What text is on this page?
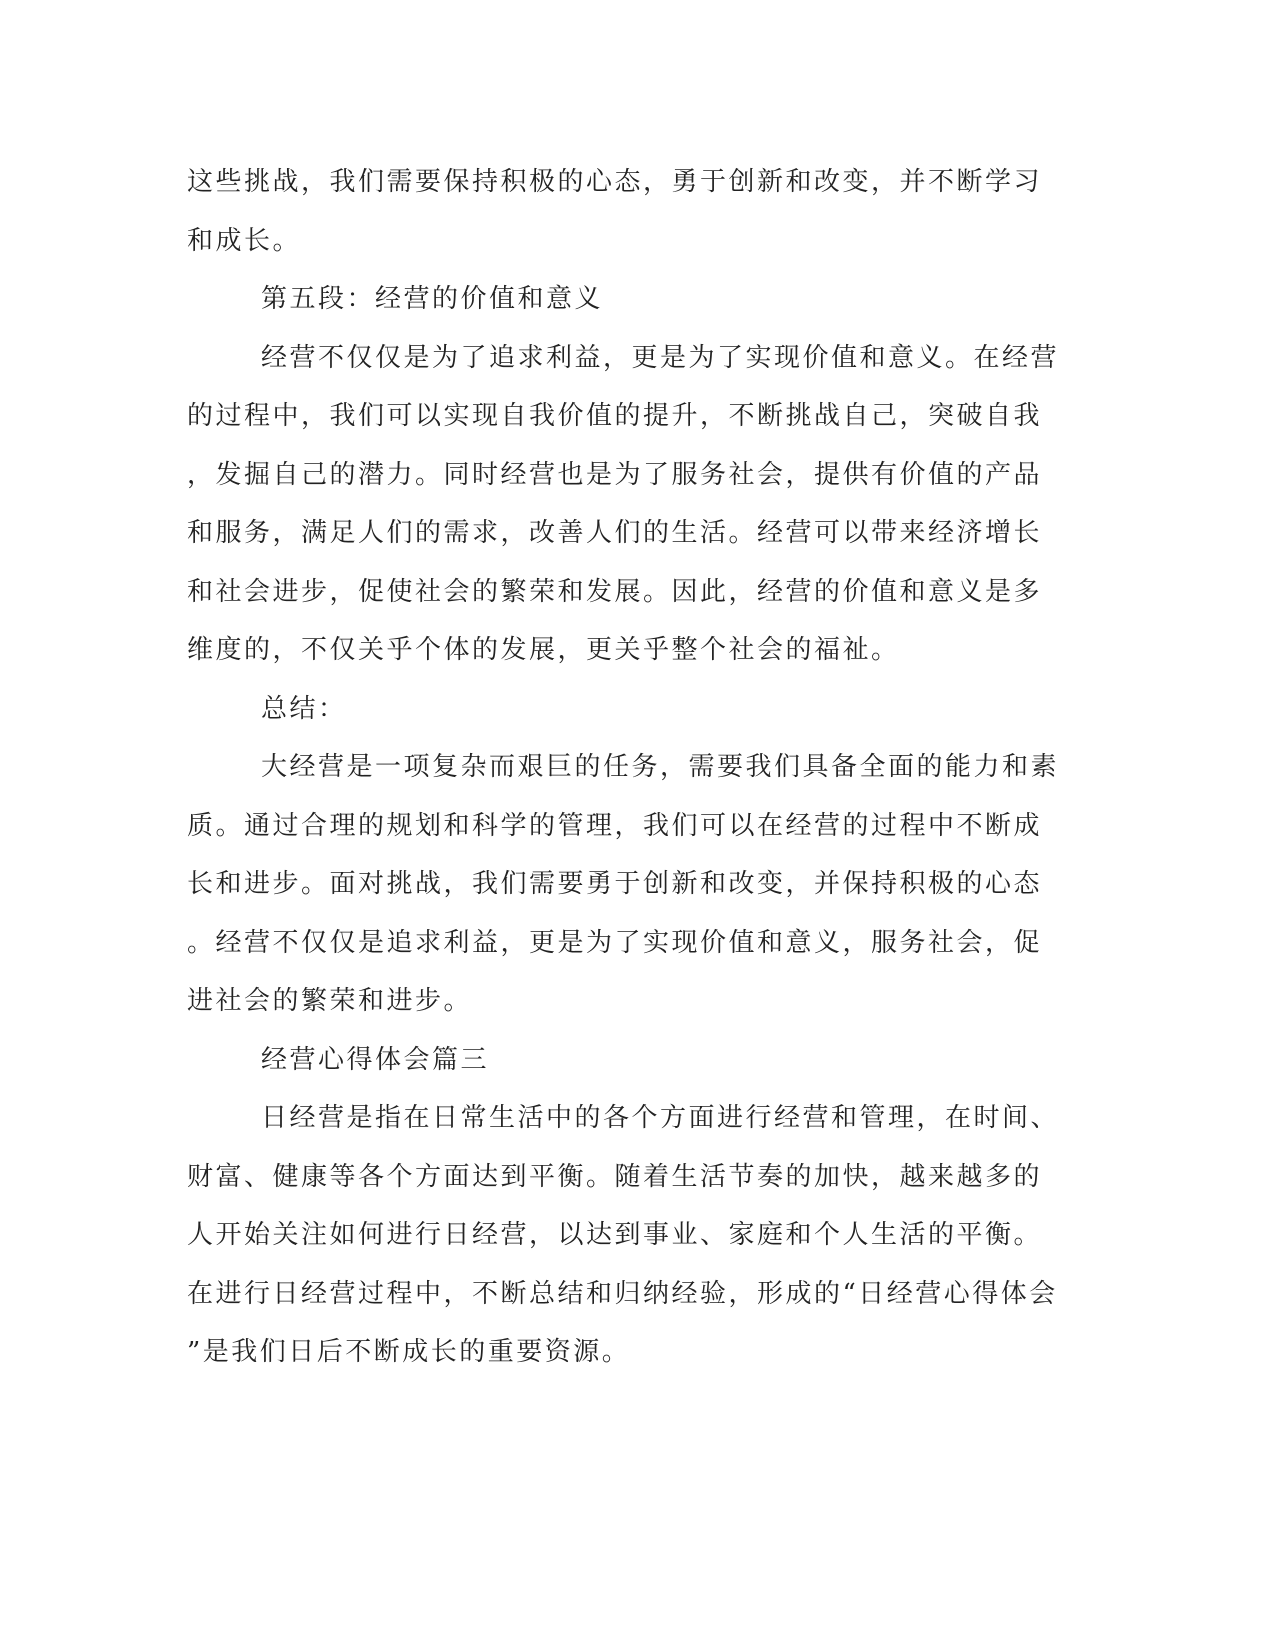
这些挑战，我们需要保持积极的心态，勇于创新和改变，并不断学习
和成长。
第五段：经营的价值和意义
经营不仅仅是为了追求利益，更是为了实现价值和意义。在经营
的过程中，我们可以实现自我价值的提升，不断挑战自己，突破自我
，发掘自己的潜力。同时经营也是为了服务社会，提供有价值的产品
和服务，满足人们的需求，改善人们的生活。经营可以带来经济增长
和社会进步，促使社会的繁荣和发展。因此，经营的价值和意义是多
维度的，不仅关乎个体的发展，更关乎整个社会的福祉。
总结：
大经营是一项复杂而艰巨的任务，需要我们具备全面的能力和素
质。通过合理的规划和科学的管理，我们可以在经营的过程中不断成
长和进步。面对挑战，我们需要勇于创新和改变，并保持积极的心态
。经营不仅仅是追求利益，更是为了实现价值和意义，服务社会，促
进社会的繁荣和进步。
经营心得体会篇三
日经营是指在日常生活中的各个方面进行经营和管理，在时间、
财富、健康等各个方面达到平衡。随着生活节奏的加快，越来越多的
人开始关注如何进行日经营，以达到事业、家庭和个人生活的平衡。
在进行日经营过程中，不断总结和归纳经验，形成的“日经营心得体会
”是我们日后不断成长的重要资源。
